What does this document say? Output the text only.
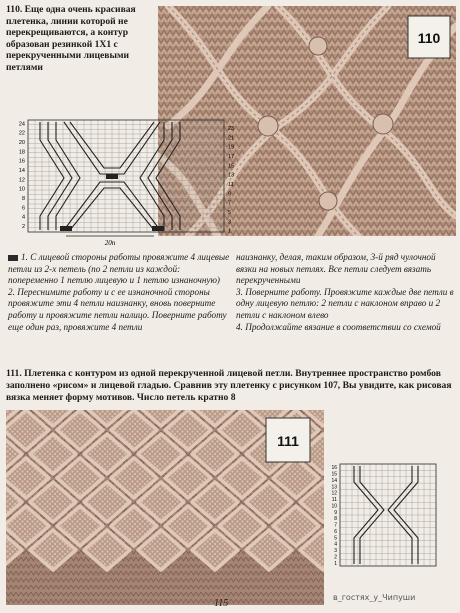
110. Еще одна очень красивая плетенка, линии которой не перекрещиваются, а контур образован резинкой 1Х1 с перекрученными лицевыми петлями
110
20п
1
3
5
7
9
11
13
15
17
19
21
23
2
4
6
8
10
12
14
16
18
20
22
24

1. С лицевой стороны работы провяжите 4 лицевые петли из 2-х петель (по 2 петли из каждой: попеременно 1 петлю лицевую и 1 петлю изнаночную)

2. Переснимите работу и с ее изнаночной стороны провяжите эти 4 петли наизнанку, вновь поверните работу и провяжите петли налицо. Поверните работу еще один раз, провяжите 4 петли

наизнанку, делая, таким образом, 3-й ряд чулочной вязки на новых петлях. Все петли следует вязать перекрученными

3. Поверните работу. Провяжите каждые две петли в одну лицевую петлю: 2 петли с наклоном вправо и 2 петли с наклоном влево

4. Продолжайте вязание в соответствии со схемой

111. Плетенка с контуром из одной перекрученной лицевой петли. Внутреннее пространство ромбов заполнено «рисом» и лицевой гладью. Сравнив эту плетенку с рисунком 107, Вы увидите, как рисовая вязка меняет форму мотивов. Число петель кратно 8
111
1
2
3
4
5
6
7
8
9
10
11
12
13
14
15
16
115
в_гостях_у_Чипуши
